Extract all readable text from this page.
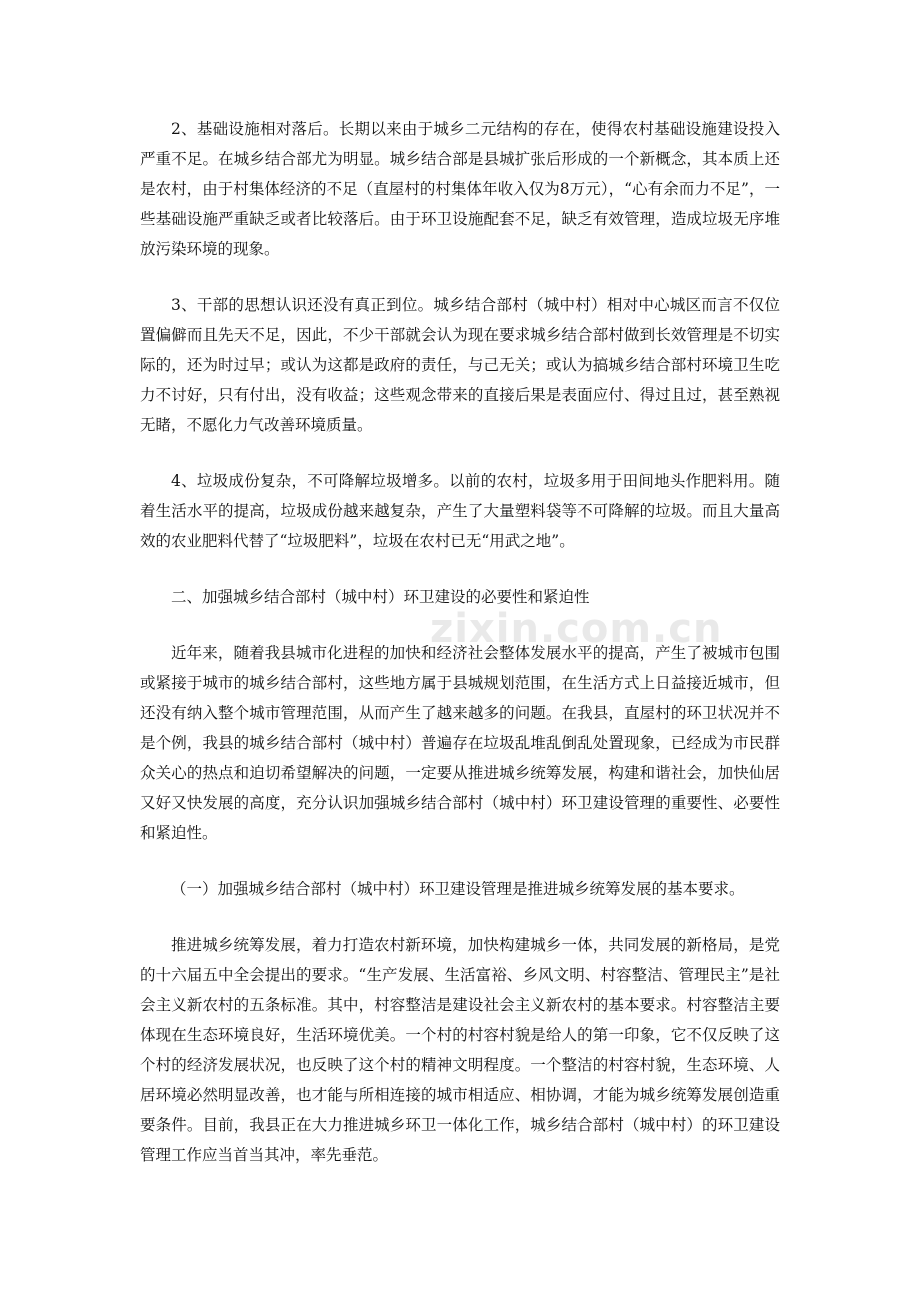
zixin.com.cn

2、基础设施相对落后。长期以来由于城乡二元结构的存在，使得农村基础设施建设投入严重不足。在城乡结合部尤为明显。城乡结合部是县城扩张后形成的一个新概念，其本质上还是农村，由于村集体经济的不足（直屋村的村集体年收入仅为8万元），“心有余而力不足”，一些基础设施严重缺乏或者比较落后。由于环卫设施配套不足，缺乏有效管理，造成垃圾无序堆放污染环境的现象。

3、干部的思想认识还没有真正到位。城乡结合部村（城中村）相对中心城区而言不仅位置偏僻而且先天不足，因此，不少干部就会认为现在要求城乡结合部村做到长效管理是不切实际的，还为时过早；或认为这都是政府的责任，与己无关；或认为搞城乡结合部村环境卫生吃力不讨好，只有付出，没有收益；这些观念带来的直接后果是表面应付、得过且过，甚至熟视无睹，不愿化力气改善环境质量。

4、垃圾成份复杂，不可降解垃圾增多。以前的农村，垃圾多用于田间地头作肥料用。随着生活水平的提高，垃圾成份越来越复杂，产生了大量塑料袋等不可降解的垃圾。而且大量高效的农业肥料代替了“垃圾肥料”，垃圾在农村已无“用武之地”。

二、加强城乡结合部村（城中村）环卫建设的必要性和紧迫性

近年来，随着我县城市化进程的加快和经济社会整体发展水平的提高，产生了被城市包围或紧接于城市的城乡结合部村，这些地方属于县城规划范围，在生活方式上日益接近城市，但还没有纳入整个城市管理范围，从而产生了越来越多的问题。在我县，直屋村的环卫状况并不是个例，我县的城乡结合部村（城中村）普遍存在垃圾乱堆乱倒乱处置现象，已经成为市民群众关心的热点和迫切希望解决的问题，一定要从推进城乡统筹发展，构建和谐社会，加快仙居又好又快发展的高度，充分认识加强城乡结合部村（城中村）环卫建设管理的重要性、必要性和紧迫性。

（一）加强城乡结合部村（城中村）环卫建设管理是推进城乡统筹发展的基本要求。

推进城乡统筹发展，着力打造农村新环境，加快构建城乡一体，共同发展的新格局，是党的十六届五中全会提出的要求。“生产发展、生活富裕、乡风文明、村容整洁、管理民主”是社会主义新农村的五条标准。其中，村容整洁是建设社会主义新农村的基本要求。村容整洁主要体现在生态环境良好，生活环境优美。一个村的村容村貌是给人的第一印象，它不仅反映了这个村的经济发展状况，也反映了这个村的精神文明程度。一个整洁的村容村貌，生态环境、人居环境必然明显改善，也才能与所相连接的城市相适应、相协调，才能为城乡统筹发展创造重要条件。目前，我县正在大力推进城乡环卫一体化工作，城乡结合部村（城中村）的环卫建设管理工作应当首当其冲，率先垂范。
